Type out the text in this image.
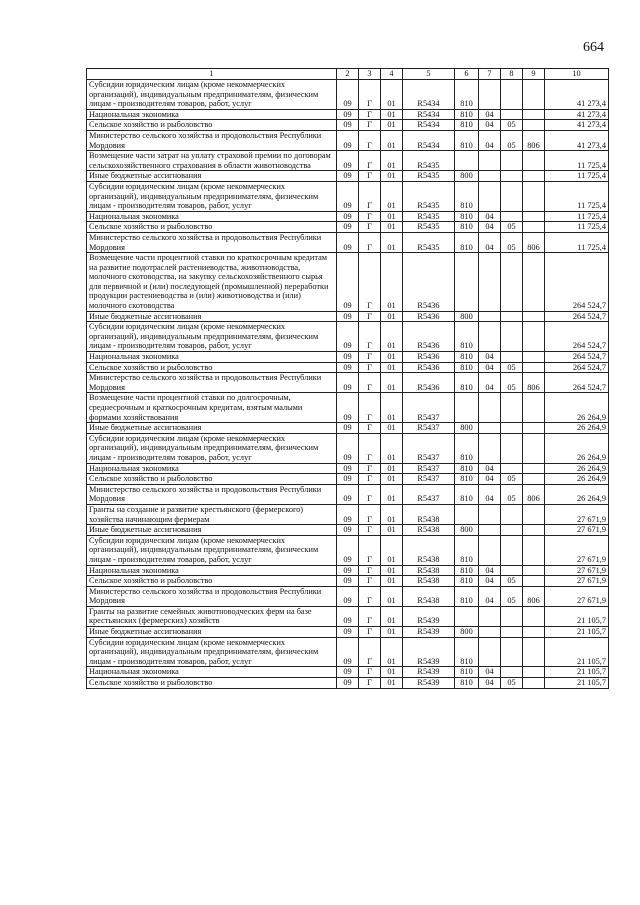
664
1	2	3	4	5	6	7	8	9	10
Субсидии юридическим лицам (кроме некоммерческих организаций), индивидуальным предпринимателям, физическим лицам - производителям товаров, работ, услуг	09	Г	01	R5434	810				41 273,4
Национальная экономика	09	Г	01	R5434	810	04			41 273,4
Сельское хозяйство и рыболовство	09	Г	01	R5434	810	04	05		41 273,4
Министерство сельского хозяйства и продовольствия Республики Мордовия	09	Г	01	R5434	810	04	05	806	41 273,4
Возмещение части затрат на уплату страховой премии по договорам сельскохозяйственного страхования в области животноводства	09	Г	01	R5435					11 725,4
Иные бюджетные ассигнования	09	Г	01	R5435	800				11 725,4
Субсидии юридическим лицам (кроме некоммерческих организаций), индивидуальным предпринимателям, физическим лицам - производителям товаров, работ, услуг	09	Г	01	R5435	810				11 725,4
Национальная экономика	09	Г	01	R5435	810	04			11 725,4
Сельское хозяйство и рыболовство	09	Г	01	R5435	810	04	05		11 725,4
Министерство сельского хозяйства и продовольствия Республики Мордовия	09	Г	01	R5435	810	04	05	806	11 725,4
Возмещение части процентной ставки по краткосрочным кредитам на развитие подотраслей растениеводства, животноводства, молочного скотоводства, на закупку сельскохозяйственного сырья для первичной и (или) последующей (промышленной) переработки продукции растениеводства и (или) животноводства и (или) молочного скотоводства	09	Г	01	R5436					264 524,7
Иные бюджетные ассигнования	09	Г	01	R5436	800				264 524,7
Субсидии юридическим лицам (кроме некоммерческих организаций), индивидуальным предпринимателям, физическим лицам - производителям товаров, работ, услуг	09	Г	01	R5436	810				264 524,7
Национальная экономика	09	Г	01	R5436	810	04			264 524,7
Сельское хозяйство и рыболовство	09	Г	01	R5436	810	04	05		264 524,7
Министерство сельского хозяйства и продовольствия Республики Мордовия	09	Г	01	R5436	810	04	05	806	264 524,7
Возмещение части процентной ставки по долгосрочным, среднесрочным и краткосрочным кредитам, взятым малыми формами хозяйствования	09	Г	01	R5437					26 264,9
Иные бюджетные ассигнования	09	Г	01	R5437	800				26 264,9
Субсидии юридическим лицам (кроме некоммерческих организаций), индивидуальным предпринимателям, физическим лицам - производителям товаров, работ, услуг	09	Г	01	R5437	810				26 264,9
Национальная экономика	09	Г	01	R5437	810	04			26 264,9
Сельское хозяйство и рыболовство	09	Г	01	R5437	810	04	05		26 264,9
Министерство сельского хозяйства и продовольствия Республики Мордовия	09	Г	01	R5437	810	04	05	806	26 264,9
Гранты на создание и развитие крестьянского (фермерского) хозяйства начинающим фермерам	09	Г	01	R5438					27 671,9
Иные бюджетные ассигнования	09	Г	01	R5438	800				27 671,9
Субсидии юридическим лицам (кроме некоммерческих организаций), индивидуальным предпринимателям, физическим лицам - производителям товаров, работ, услуг	09	Г	01	R5438	810				27 671,9
Национальная экономика	09	Г	01	R5438	810	04			27 671,9
Сельское хозяйство и рыболовство	09	Г	01	R5438	810	04	05		27 671,9
Министерство сельского хозяйства и продовольствия Республики Мордовия	09	Г	01	R5438	810	04	05	806	27 671,9
Гранты на развитие семейных животноводческих ферм на базе крестьянских (фермерских) хозяйств	09	Г	01	R5439					21 105,7
Иные бюджетные ассигнования	09	Г	01	R5439	800				21 105,7
Субсидии юридическим лицам (кроме некоммерческих организаций), индивидуальным предпринимателям, физическим лицам - производителям товаров, работ, услуг	09	Г	01	R5439	810				21 105,7
Национальная экономика	09	Г	01	R5439	810	04			21 105,7
Сельское хозяйство и рыболовство	09	Г	01	R5439	810	04	05		21 105,7
